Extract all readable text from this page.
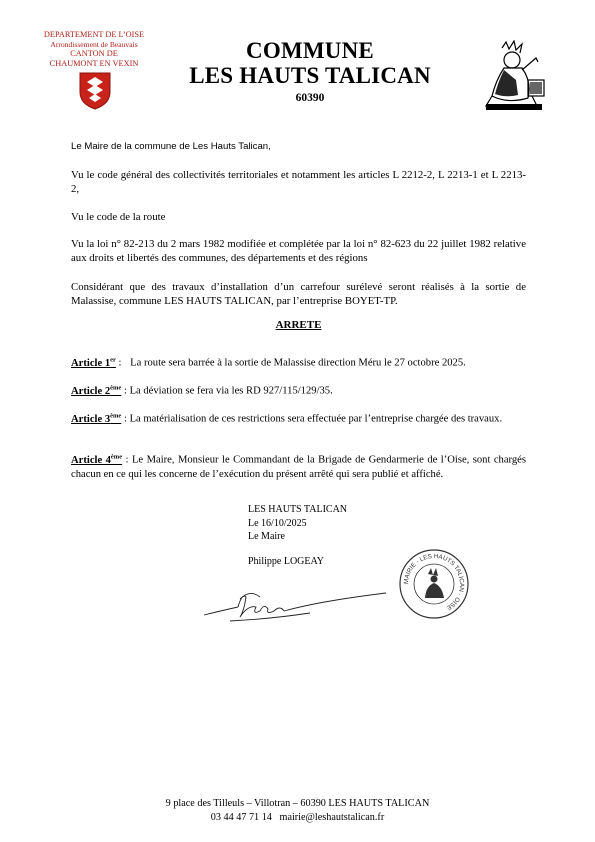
DEPARTEMENT DE L’OISE
Arrondissement de Beauvais
CANTON DE
CHAUMONT EN VEXIN
COMMUNE
LES HAUTS TALICAN
60390
Le Maire de la commune de Les Hauts Talican,
Vu le code général des collectivités territoriales et notamment les articles L 2212-2, L 2213-1 et L 2213-2,
Vu le code de la route
Vu la loi n° 82-213 du 2 mars 1982 modifiée et complétée par la loi n° 82-623 du 22 juillet 1982 relative aux droits et libertés des communes, des départements et des régions
Considérant que des travaux d’installation d’un carrefour surélevé seront réalisés à la sortie de Malassise, commune LES HAUTS TALICAN, par l’entreprise BOYET-TP.
ARRETE
Article 1er : La route sera barrée à la sortie de Malassise direction Méru le 27 octobre 2025.
Article 2ème : La déviation se fera via les RD 927/115/129/35.
Article 3ème : La matérialisation de ces restrictions sera effectuée par l’entreprise chargée des travaux.
Article 4ème : Le Maire, Monsieur le Commandant de la Brigade de Gendarmerie de l’Oise, sont chargés chacun en ce qui les concerne de l’exécution du présent arrêté qui sera publié et affiché.
LES HAUTS TALICAN
Le 16/10/2025
Le Maire
Philippe LOGEAY
MAIRIE · LES HAUTS TALICAN · OISE
9 place des Tilleuls – Villotran – 60390 LES HAUTS TALICAN
03 44 47 71 14   mairie@leshautstalican.fr
